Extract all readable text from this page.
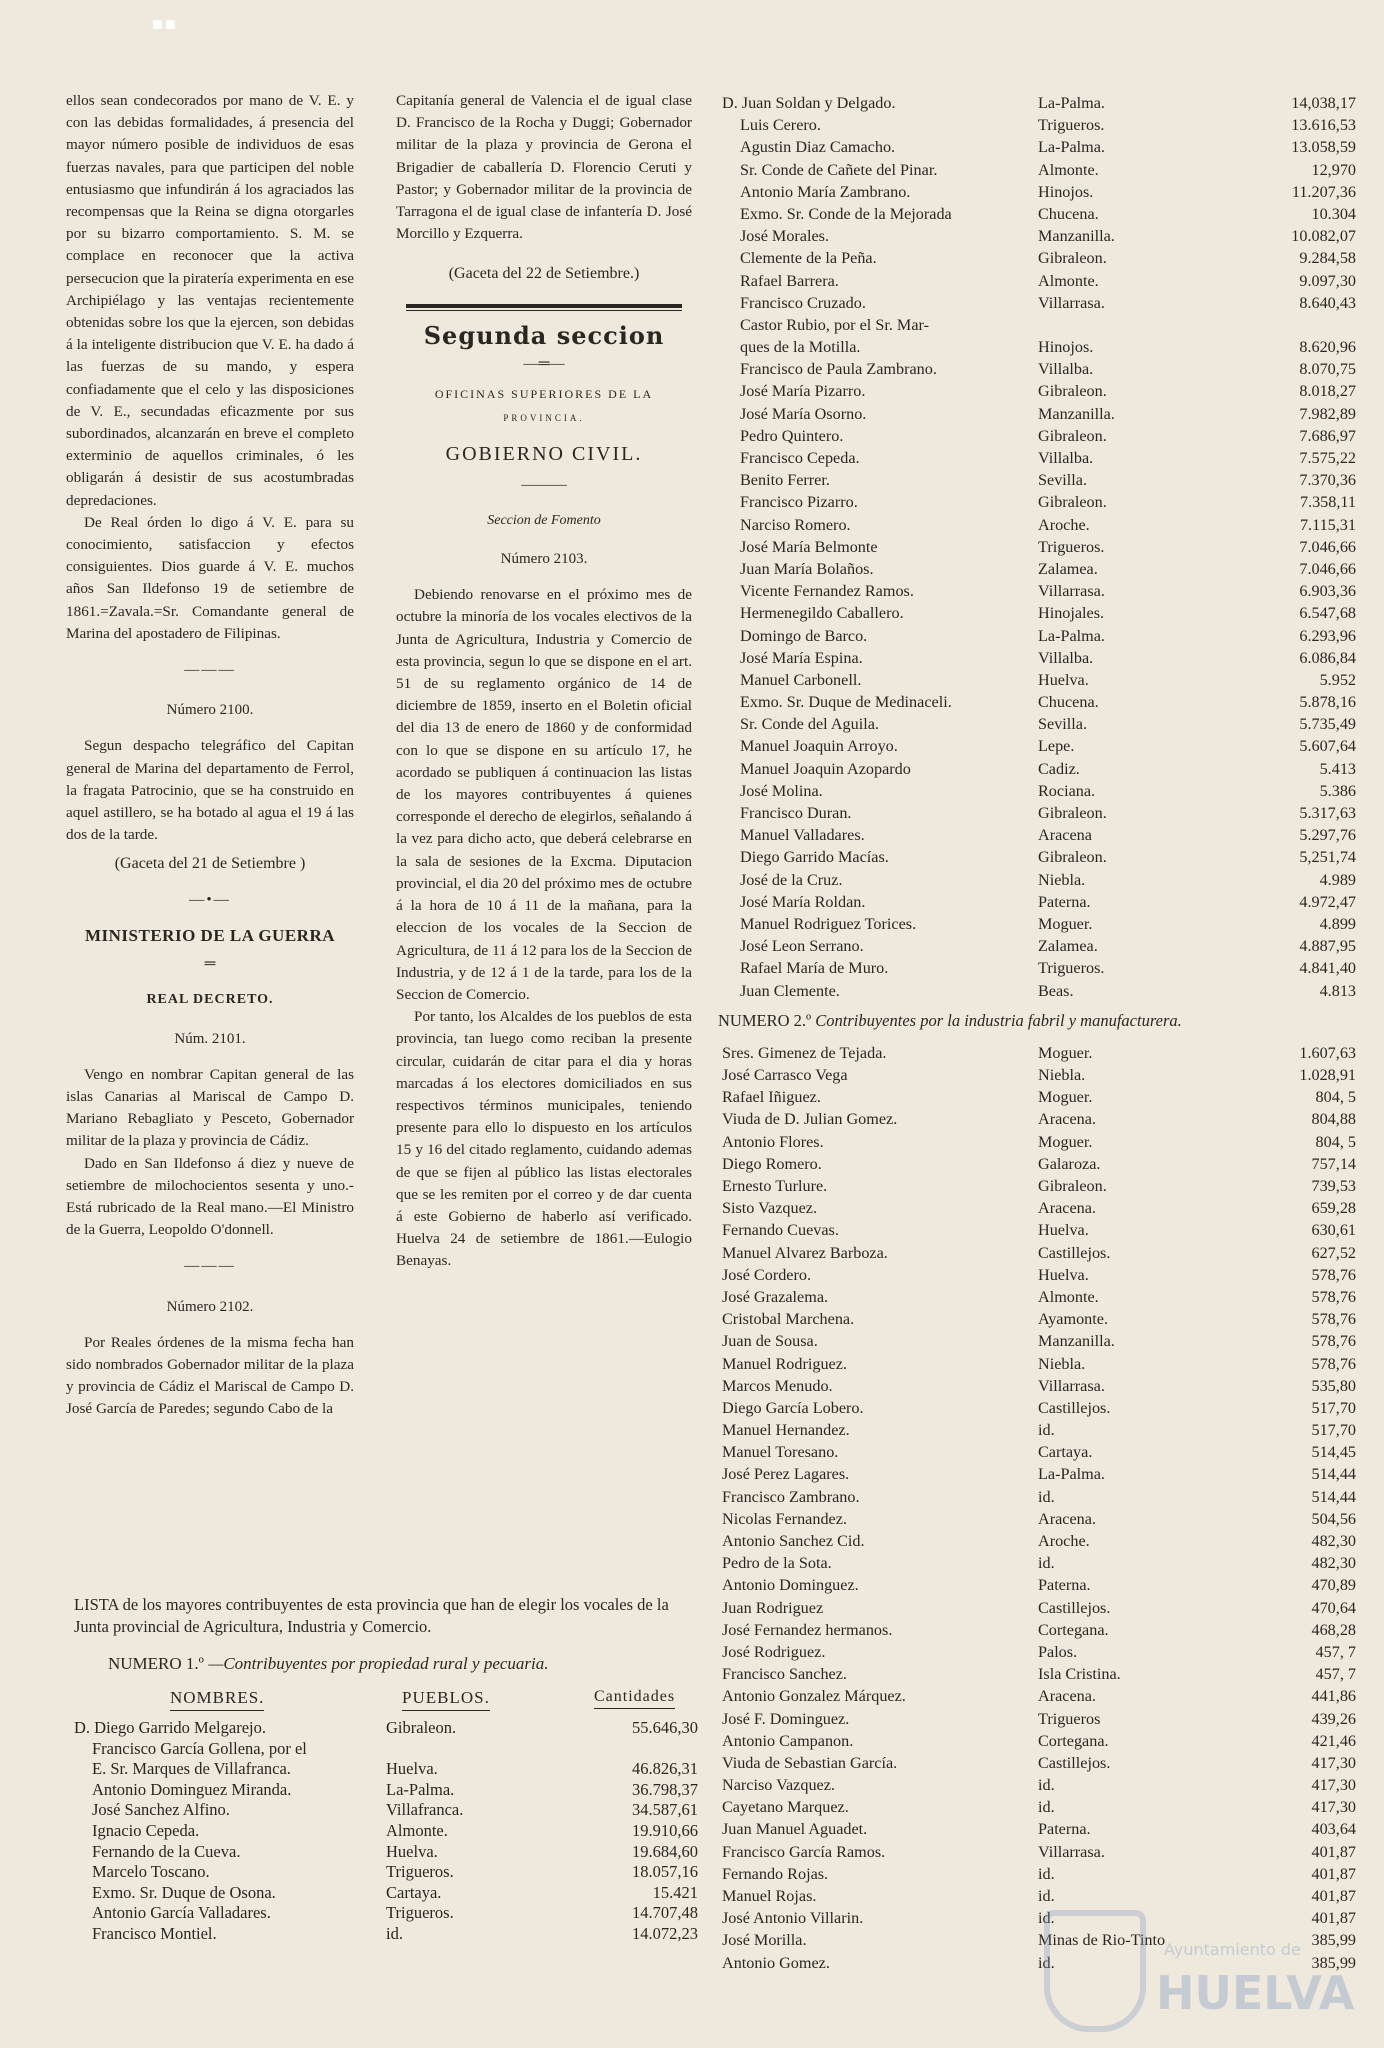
■■

ellos sean condecorados por mano de V. E. y con las debidas formalidades, á presencia del mayor número posible de individuos de esas fuerzas navales, para que participen del noble entusiasmo que infundirán á los agraciados las recompensas que la Reina se digna otorgarles por su bizarro comportamiento. S. M. se complace en reconocer que la activa persecucion que la piratería experimenta en ese Archipiélago y las ventajas recientemente obtenidas sobre los que la ejercen, son debidas á la inteligente distribucion que V. E. ha dado á las fuerzas de su mando, y espera confiadamente que el celo y las disposiciones de V. E., secundadas eficazmente por sus subordinados, alcanzarán en breve el completo exterminio de aquellos criminales, ó les obligarán á desistir de sus acostumbradas depredaciones.

De Real órden lo digo á V. E. para su conocimiento, satisfaccion y efectos consiguientes. Dios guarde á V. E. muchos años San Ildefonso 19 de setiembre de 1861.=Zavala.=Sr. Comandante general de Marina del apostadero de Filipinas.

———
Número 2100.

Segun despacho telegráfico del Capitan general de Marina del departamento de Ferrol, la fragata Patrocinio, que se ha construido en aquel astillero, se ha botado al agua el 19 á las dos de la tarde.

(Gaceta del 21 de Setiembre )
—•—
MINISTERIO DE LA GUERRA
═
REAL DECRETO.
Núm. 2101.

Vengo en nombrar Capitan general de las islas Canarias al Mariscal de Campo D. Mariano Rebagliato y Pesceto, Gobernador militar de la plaza y provincia de Cádiz.

Dado en San Ildefonso á diez y nueve de setiembre de milochocientos sesenta y uno.-Está rubricado de la Real mano.—El Ministro de la Guerra, Leopoldo O'donnell.

———
Número 2102.

Por Reales órdenes de la misma fecha han sido nombrados Gobernador militar de la plaza y provincia de Cádiz el Mariscal de Campo D. José García de Paredes; segundo Cabo de la

Capitanía general de Valencia el de igual clase D. Francisco de la Rocha y Duggi; Gobernador militar de la plaza y provincia de Gerona el Brigadier de caballería D. Florencio Ceruti y Pastor; y Gobernador militar de la provincia de Tarragona el de igual clase de infantería D. José Morcillo y Ezquerra.

(Gaceta del 22 de Setiembre.)
Segunda seccion
—═—
OFICINAS SUPERIORES DE LA
PROVINCIA.
GOBIERNO CIVIL.
———
Seccion de Fomento
Número 2103.

Debiendo renovarse en el próximo mes de octubre la minoría de los vocales electivos de la Junta de Agricultura, Industria y Comercio de esta provincia, segun lo que se dispone en el art. 51 de su reglamento orgánico de 14 de diciembre de 1859, inserto en el Boletin oficial del dia 13 de enero de 1860 y de conformidad con lo que se dispone en su artículo 17, he acordado se publiquen á continuacion las listas de los mayores contribuyentes á quienes corresponde el derecho de elegirlos, señalando á la vez para dicho acto, que deberá celebrarse en la sala de sesiones de la Excma. Diputacion provincial, el dia 20 del próximo mes de octubre á la hora de 10 á 11 de la mañana, para la eleccion de los vocales de la Seccion de Agricultura, de 11 á 12 para los de la Seccion de Industria, y de 12 á 1 de la tarde, para los de la Seccion de Comercio.

Por tanto, los Alcaldes de los pueblos de esta provincia, tan luego como reciban la presente circular, cuidarán de citar para el dia y horas marcadas á los electores domiciliados en sus respectivos términos municipales, teniendo presente para ello lo dispuesto en los artículos 15 y 16 del citado reglamento, cuidando ademas de que se fijen al público las listas electorales que se les remiten por el correo y de dar cuenta á este Gobierno de haberlo así verificado. Huelva 24 de setiembre de 1861.—Eulogio Benayas.

LISTA de los mayores contribuyentes de esta provincia que han de elegir los vocales de la Junta provincial de Agricultura, Industria y Comercio.
NUMERO 1.º —Contribuyentes por propiedad rural y pecuaria.
NOMBRES.	PUEBLOS.	Cantidades
D. Diego Garrido Melgarejo.	Gibraleon.	55.646,30
Francisco García Gollena, por el
E. Sr. Marques de Villafranca.	Huelva.	46.826,31
Antonio Dominguez Miranda.	La-Palma.	36.798,37
José Sanchez Alfino.	Villafranca.	34.587,61
Ignacio Cepeda.	Almonte.	19.910,66
Fernando de la Cueva.	Huelva.	19.684,60
Marcelo Toscano.	Trigueros.	18.057,16
Exmo. Sr. Duque de Osona.	Cartaya.	15.421
Antonio García Valladares.	Trigueros.	14.707,48
Francisco Montiel.	id.	14.072,23
D. Juan Soldan y Delgado.	La-Palma.	14,038,17
Luis Cerero.	Trigueros.	13.616,53
Agustin Diaz Camacho.	La-Palma.	13.058,59
Sr. Conde de Cañete del Pinar.	Almonte.	12,970
Antonio María Zambrano.	Hinojos.	11.207,36
Exmo. Sr. Conde de la Mejorada	Chucena.	10.304
José Morales.	Manzanilla.	10.082,07
Clemente de la Peña.	Gibraleon.	9.284,58
Rafael Barrera.	Almonte.	9.097,30
Francisco Cruzado.	Villarrasa.	8.640,43
Castor Rubio, por el Sr. Mar-
ques de la Motilla.	Hinojos.	8.620,96
Francisco de Paula Zambrano.	Villalba.	8.070,75
José María Pizarro.	Gibraleon.	8.018,27
José María Osorno.	Manzanilla.	7.982,89
Pedro Quintero.	Gibraleon.	7.686,97
Francisco Cepeda.	Villalba.	7.575,22
Benito Ferrer.	Sevilla.	7.370,36
Francisco Pizarro.	Gibraleon.	7.358,11
Narciso Romero.	Aroche.	7.115,31
José María Belmonte	Trigueros.	7.046,66
Juan María Bolaños.	Zalamea.	7.046,66
Vicente Fernandez Ramos.	Villarrasa.	6.903,36
Hermenegildo Caballero.	Hinojales.	6.547,68
Domingo de Barco.	La-Palma.	6.293,96
José María Espina.	Villalba.	6.086,84
Manuel Carbonell.	Huelva.	5.952
Exmo. Sr. Duque de Medinaceli.	Chucena.	5.878,16
Sr. Conde del Aguila.	Sevilla.	5.735,49
Manuel Joaquin Arroyo.	Lepe.	5.607,64
Manuel Joaquin Azopardo	Cadiz.	5.413
José Molina.	Rociana.	5.386
Francisco Duran.	Gibraleon.	5.317,63
Manuel Valladares.	Aracena	5.297,76
Diego Garrido Macías.	Gibraleon.	5,251,74
José de la Cruz.	Niebla.	4.989
José María Roldan.	Paterna.	4.972,47
Manuel Rodriguez Torices.	Moguer.	4.899
José Leon Serrano.	Zalamea.	4.887,95
Rafael María de Muro.	Trigueros.	4.841,40
Juan Clemente.	Beas.	4.813
NUMERO 2.º Contribuyentes por la industria fabril y manufacturera.
Sres. Gimenez de Tejada.	Moguer.	1.607,63
José Carrasco Vega	Niebla.	1.028,91
Rafael Iñiguez.	Moguer.	804, 5
Viuda de D. Julian Gomez.	Aracena.	804,88
Antonio Flores.	Moguer.	804, 5
Diego Romero.	Galaroza.	757,14
Ernesto Turlure.	Gibraleon.	739,53
Sisto Vazquez.	Aracena.	659,28
Fernando Cuevas.	Huelva.	630,61
Manuel Alvarez Barboza.	Castillejos.	627,52
José Cordero.	Huelva.	578,76
José Grazalema.	Almonte.	578,76
Cristobal Marchena.	Ayamonte.	578,76
Juan de Sousa.	Manzanilla.	578,76
Manuel Rodriguez.	Niebla.	578,76
Marcos Menudo.	Villarrasa.	535,80
Diego García Lobero.	Castillejos.	517,70
Manuel Hernandez.	id.	517,70
Manuel Toresano.	Cartaya.	514,45
José Perez Lagares.	La-Palma.	514,44
Francisco Zambrano.	id.	514,44
Nicolas Fernandez.	Aracena.	504,56
Antonio Sanchez Cid.	Aroche.	482,30
Pedro de la Sota.	id.	482,30
Antonio Dominguez.	Paterna.	470,89
Juan Rodriguez	Castillejos.	470,64
José Fernandez hermanos.	Cortegana.	468,28
José Rodriguez.	Palos.	457, 7
Francisco Sanchez.	Isla Cristina.	457, 7
Antonio Gonzalez Márquez.	Aracena.	441,86
José F. Dominguez.	Trigueros	439,26
Antonio Campanon.	Cortegana.	421,46
Viuda de Sebastian García.	Castillejos.	417,30
Narciso Vazquez.	id.	417,30
Cayetano Marquez.	id.	417,30
Juan Manuel Aguadet.	Paterna.	403,64
Francisco García Ramos.	Villarrasa.	401,87
Fernando Rojas.	id.	401,87
Manuel Rojas.	id.	401,87
José Antonio Villarin.	id.	401,87
José Morilla.	Minas de Rio-Tinto	385,99
Antonio Gomez.	id.	385,99
Ayuntamiento de
HUELVA
